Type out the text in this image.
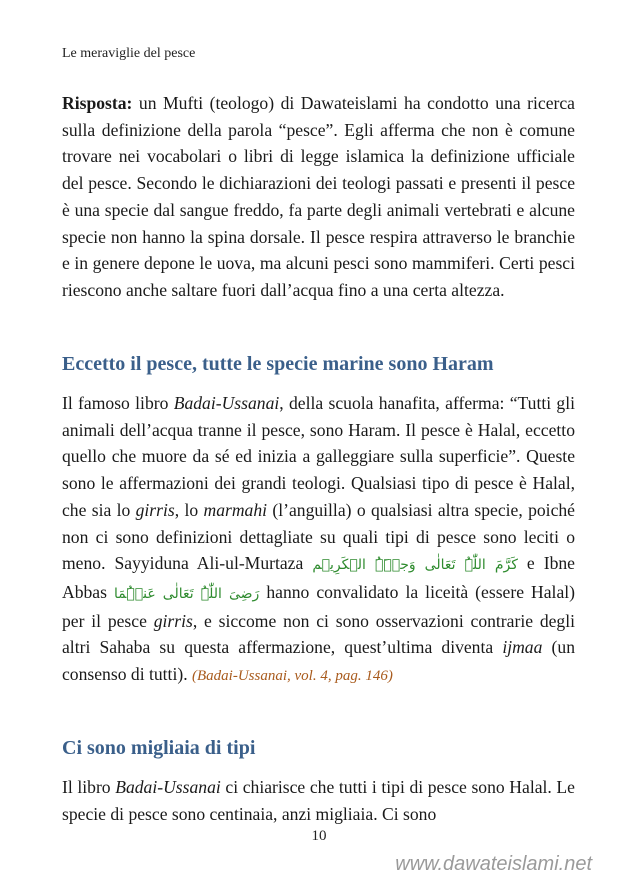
Le meraviglie del pesce

Risposta: un Mufti (teologo) di Dawateislami ha condotto una ricerca sulla definizione della parola “pesce”. Egli afferma che non è comune trovare nei vocabolari o libri di legge islamica la definizione ufficiale del pesce. Secondo le dichiarazioni dei teologi passati e presenti il pesce è una specie dal sangue freddo, fa parte degli animali vertebrati e alcune specie non hanno la spina dorsale. Il pesce respira attraverso le branchie e in genere depone le uova, ma alcuni pesci sono mammiferi. Certi pesci riescono anche saltare fuori dall’acqua fino a una certa altezza.

Eccetto il pesce, tutte le specie marine sono Haram

Il famoso libro Badai-Ussanai, della scuola hanafita, afferma: “Tutti gli animali dell’acqua tranne il pesce, sono Haram. Il pesce è Halal, eccetto quello che muore da sé ed inizia a galleggiare sulla superficie”. Queste sono le affermazioni dei grandi teologi. Qualsiasi tipo di pesce è Halal, che sia lo girris, lo marmahi (l’anguilla) o qualsiasi altra specie, poiché non ci sono definizioni dettagliate su quali tipi di pesce sono leciti o meno. Sayyiduna Ali-ul-Murtaza كَرَّمَ اللّٰہُ تَعَالٰی وَجۡہَہُ الۡکَرِیۡم e Ibne Abbas رَضِیَ اللّٰہُ تَعَالٰی عَنۡہُمَا hanno convalidato la liceità (essere Halal) per il pesce girris, e siccome non ci sono osservazioni contrarie degli altri Sahaba su questa affermazione, quest’ultima diventa ijmaa (un consenso di tutti). (Badai-Ussanai, vol. 4, pag. 146)

Ci sono migliaia di tipi

Il libro Badai-Ussanai ci chiarisce che tutti i tipi di pesce sono Halal. Le specie di pesce sono centinaia, anzi migliaia. Ci sono

10
www.dawateislami.net
